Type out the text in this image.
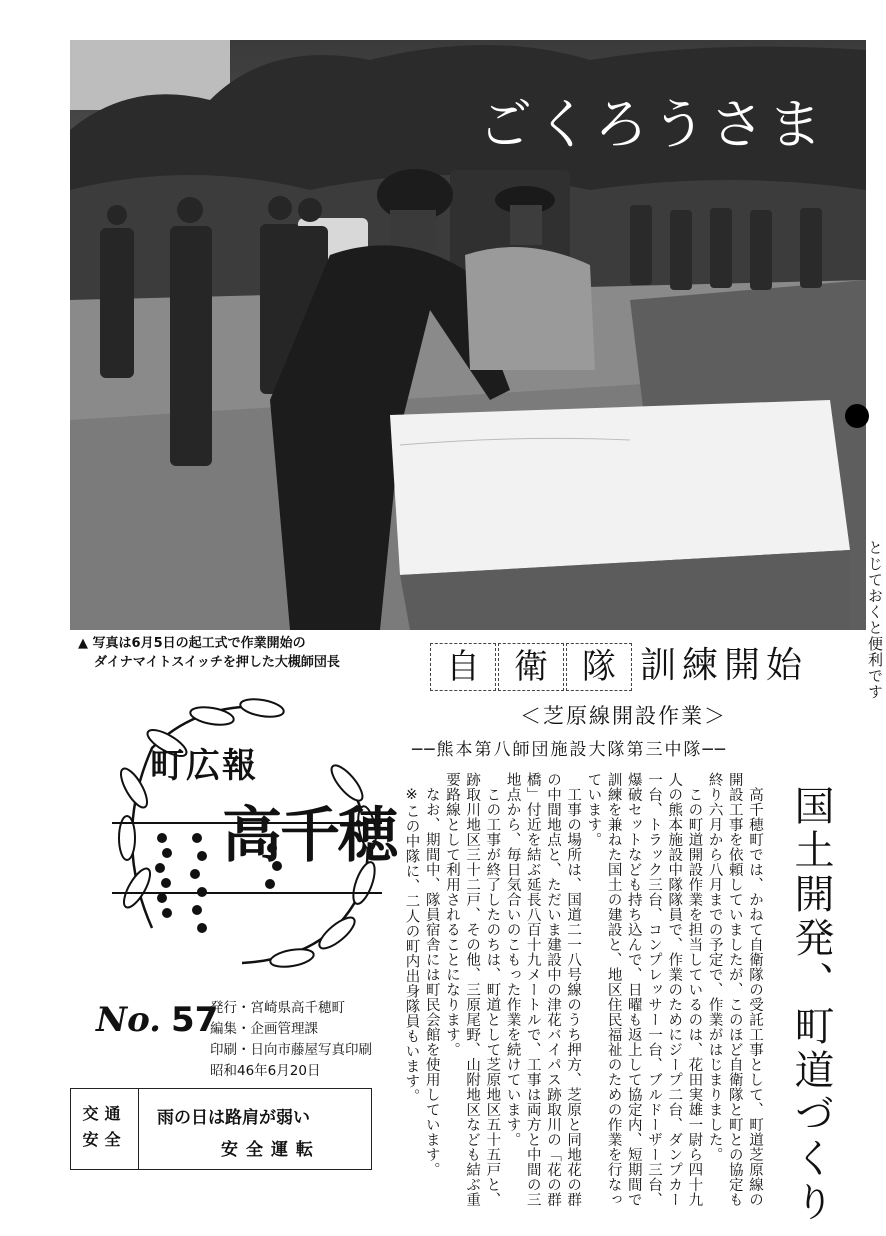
ごくろうさま
▲ 写真は6月5日の起工式で作業開始の
ダイナマイトスイッチを押した大槻師団長	とじておくと便利です
自	衛	隊 訓練開始
＜芝原線開設作業＞
──熊本第八師団施設大隊第三中隊──
国土開発、町道づくり

高千穂町では、かねて自衛隊の受託工事として、町道芝原線の開設工事を依頼していましたが、このほど自衛隊と町との協定も終り六月から八月までの予定で、作業がはじまりました。

この町道開設作業を担当しているのは、花田実雄一尉ら四十九人の熊本施設中隊隊員で、作業のためにジープ二台、ダンプカー一台、トラック三台、コンプレッサー一台、ブルドーザー三台、爆破セットなども持ち込んで、日曜も返上して協定内、短期間で訓練を兼ねた国土の建設と、地区住民福祉のための作業を行なっています。

工事の場所は、国道二一八号線のうち押方、芝原と同地花の群の中間地点と、ただいま建設中の津花バイパス跡取川の「花の群橋」付近を結ぶ延長八百十九メートルで、工事は両方と中間の三地点から、毎日気合いのこもった作業を続けています。

この工事が終了したのちは、町道として芝原地区五十五戸と、跡取川地区三十二戸、その他、三原尾野、山附地区なども結ぶ重要路線として利用されることになります。

なお、期間中、隊員宿舎には町民会館を使用しています。

※この中隊に、二人の町内出身隊員もいます。

町広報
高千穂
No. 57
発行・宮崎県高千穂町
編集・企画管理課
印刷・日向市藤屋写真印刷
昭和46年6月20日
交通
安全
雨の日は路肩が弱い
安全運転
